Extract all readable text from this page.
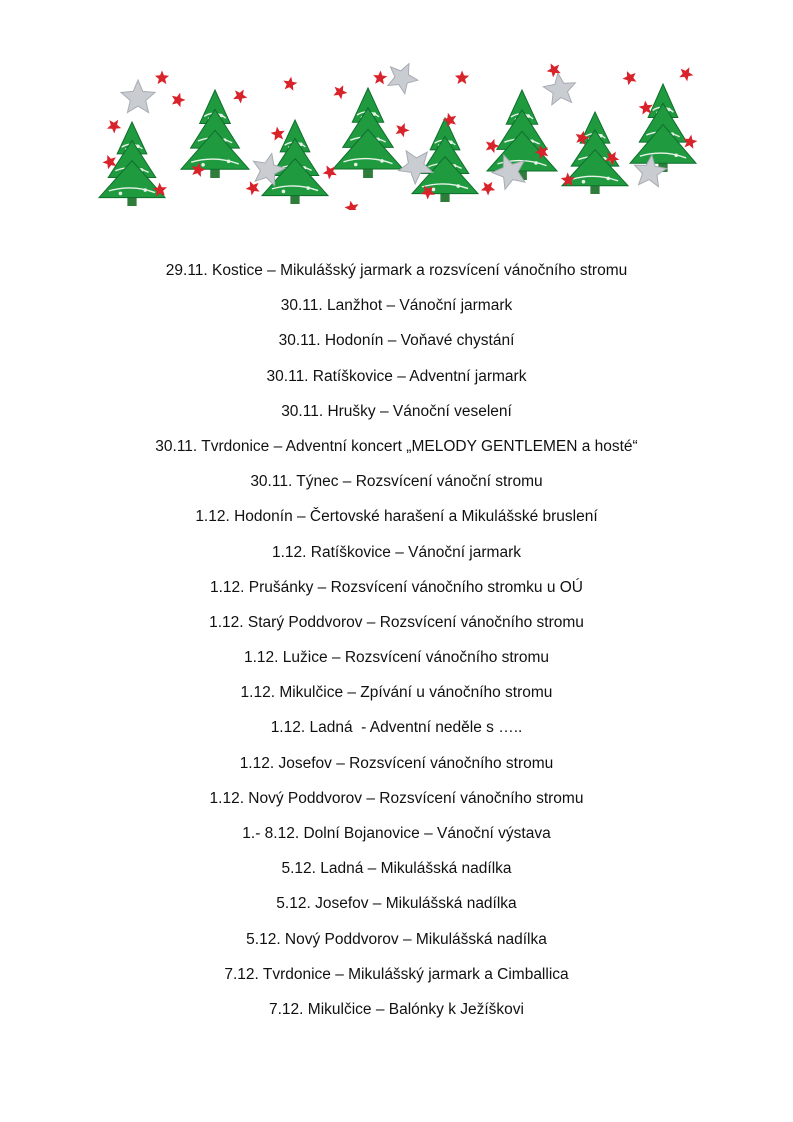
29.11. Kostice – Mikulášský jarmark a rozsvícení vánočního stromu
30.11. Lanžhot – Vánoční jarmark
30.11. Hodonín – Voňavé chystání
30.11. Ratíškovice – Adventní jarmark
30.11. Hrušky – Vánoční veselení
30.11. Tvrdonice – Adventní koncert „MELODY GENTLEMEN a hosté“
30.11. Týnec – Rozsvícení vánoční stromu
1.12. Hodonín – Čertovské harašení a Mikulášské bruslení
1.12. Ratíškovice – Vánoční jarmark
1.12. Prušánky – Rozsvícení vánočního stromku u OÚ
1.12. Starý Poddvorov – Rozsvícení vánočního stromu
1.12. Lužice – Rozsvícení vánočního stromu
1.12. Mikulčice – Zpívání u vánočního stromu
1.12. Ladná  - Adventní neděle s …..
1.12. Josefov – Rozsvícení vánočního stromu
1.12. Nový Poddvorov – Rozsvícení vánočního stromu
1.- 8.12. Dolní Bojanovice – Vánoční výstava
5.12. Ladná – Mikulášská nadílka
5.12. Josefov – Mikulášská nadílka
5.12. Nový Poddvorov – Mikulášská nadílka
7.12. Tvrdonice – Mikulášský jarmark a Cimballica
7.12. Mikulčice – Balónky k Ježíškovi
